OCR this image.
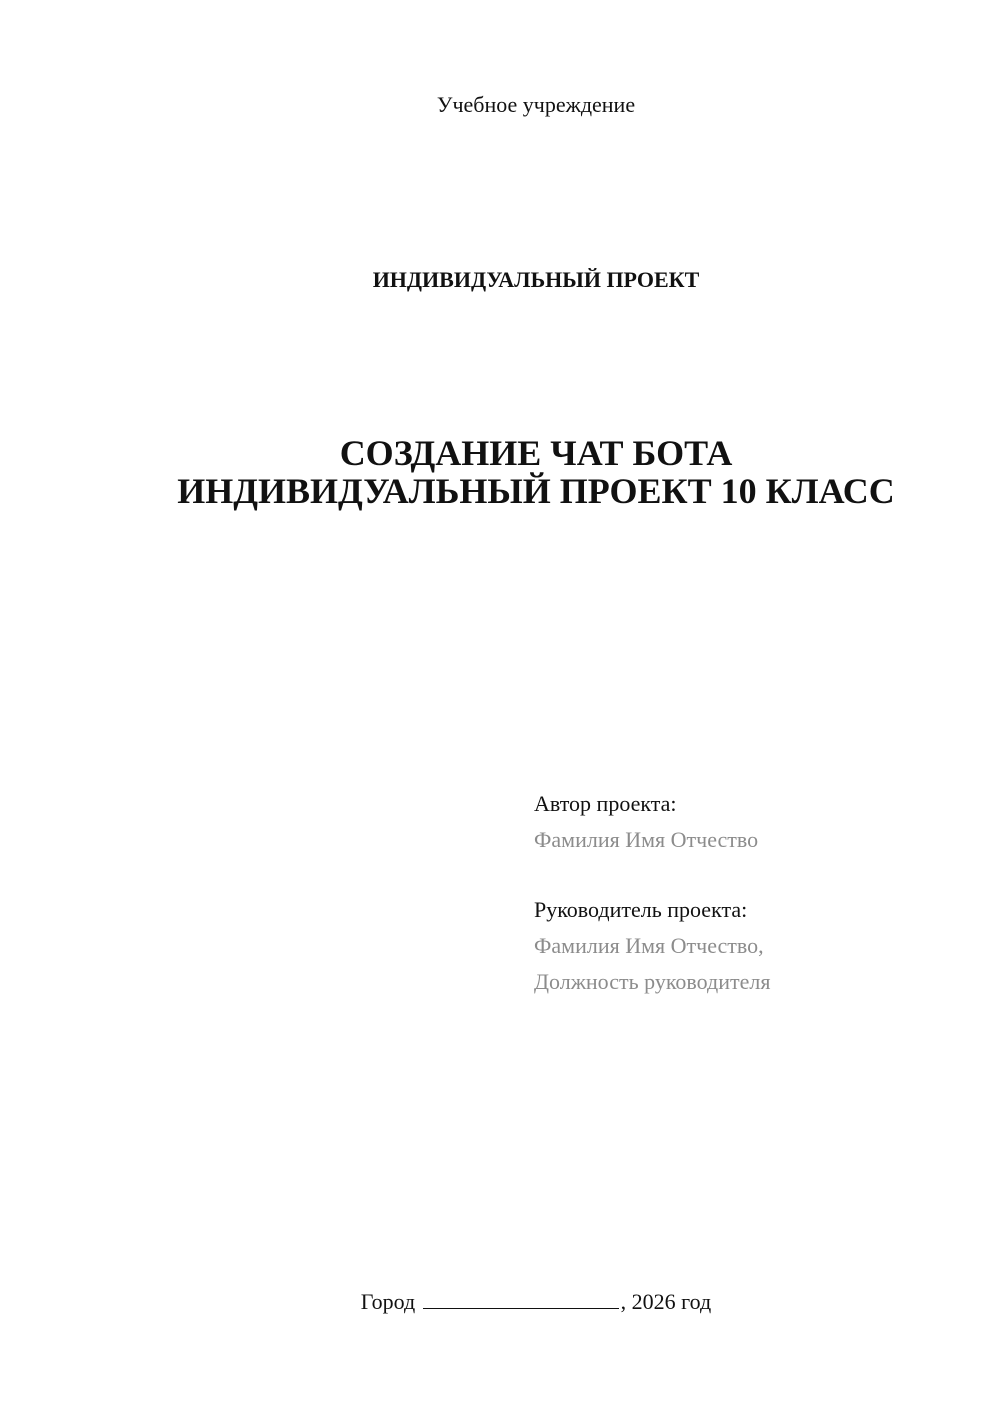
Учебное учреждение
ИНДИВИДУАЛЬНЫЙ ПРОЕКТ
СОЗДАНИЕ ЧАТ БОТА
ИНДИВИДУАЛЬНЫЙ ПРОЕКТ 10 КЛАСС
Автор проекта:
Фамилия Имя Отчество
Руководитель проекта:
Фамилия Имя Отчество,
Должность руководителя
Город	, 2026 год
